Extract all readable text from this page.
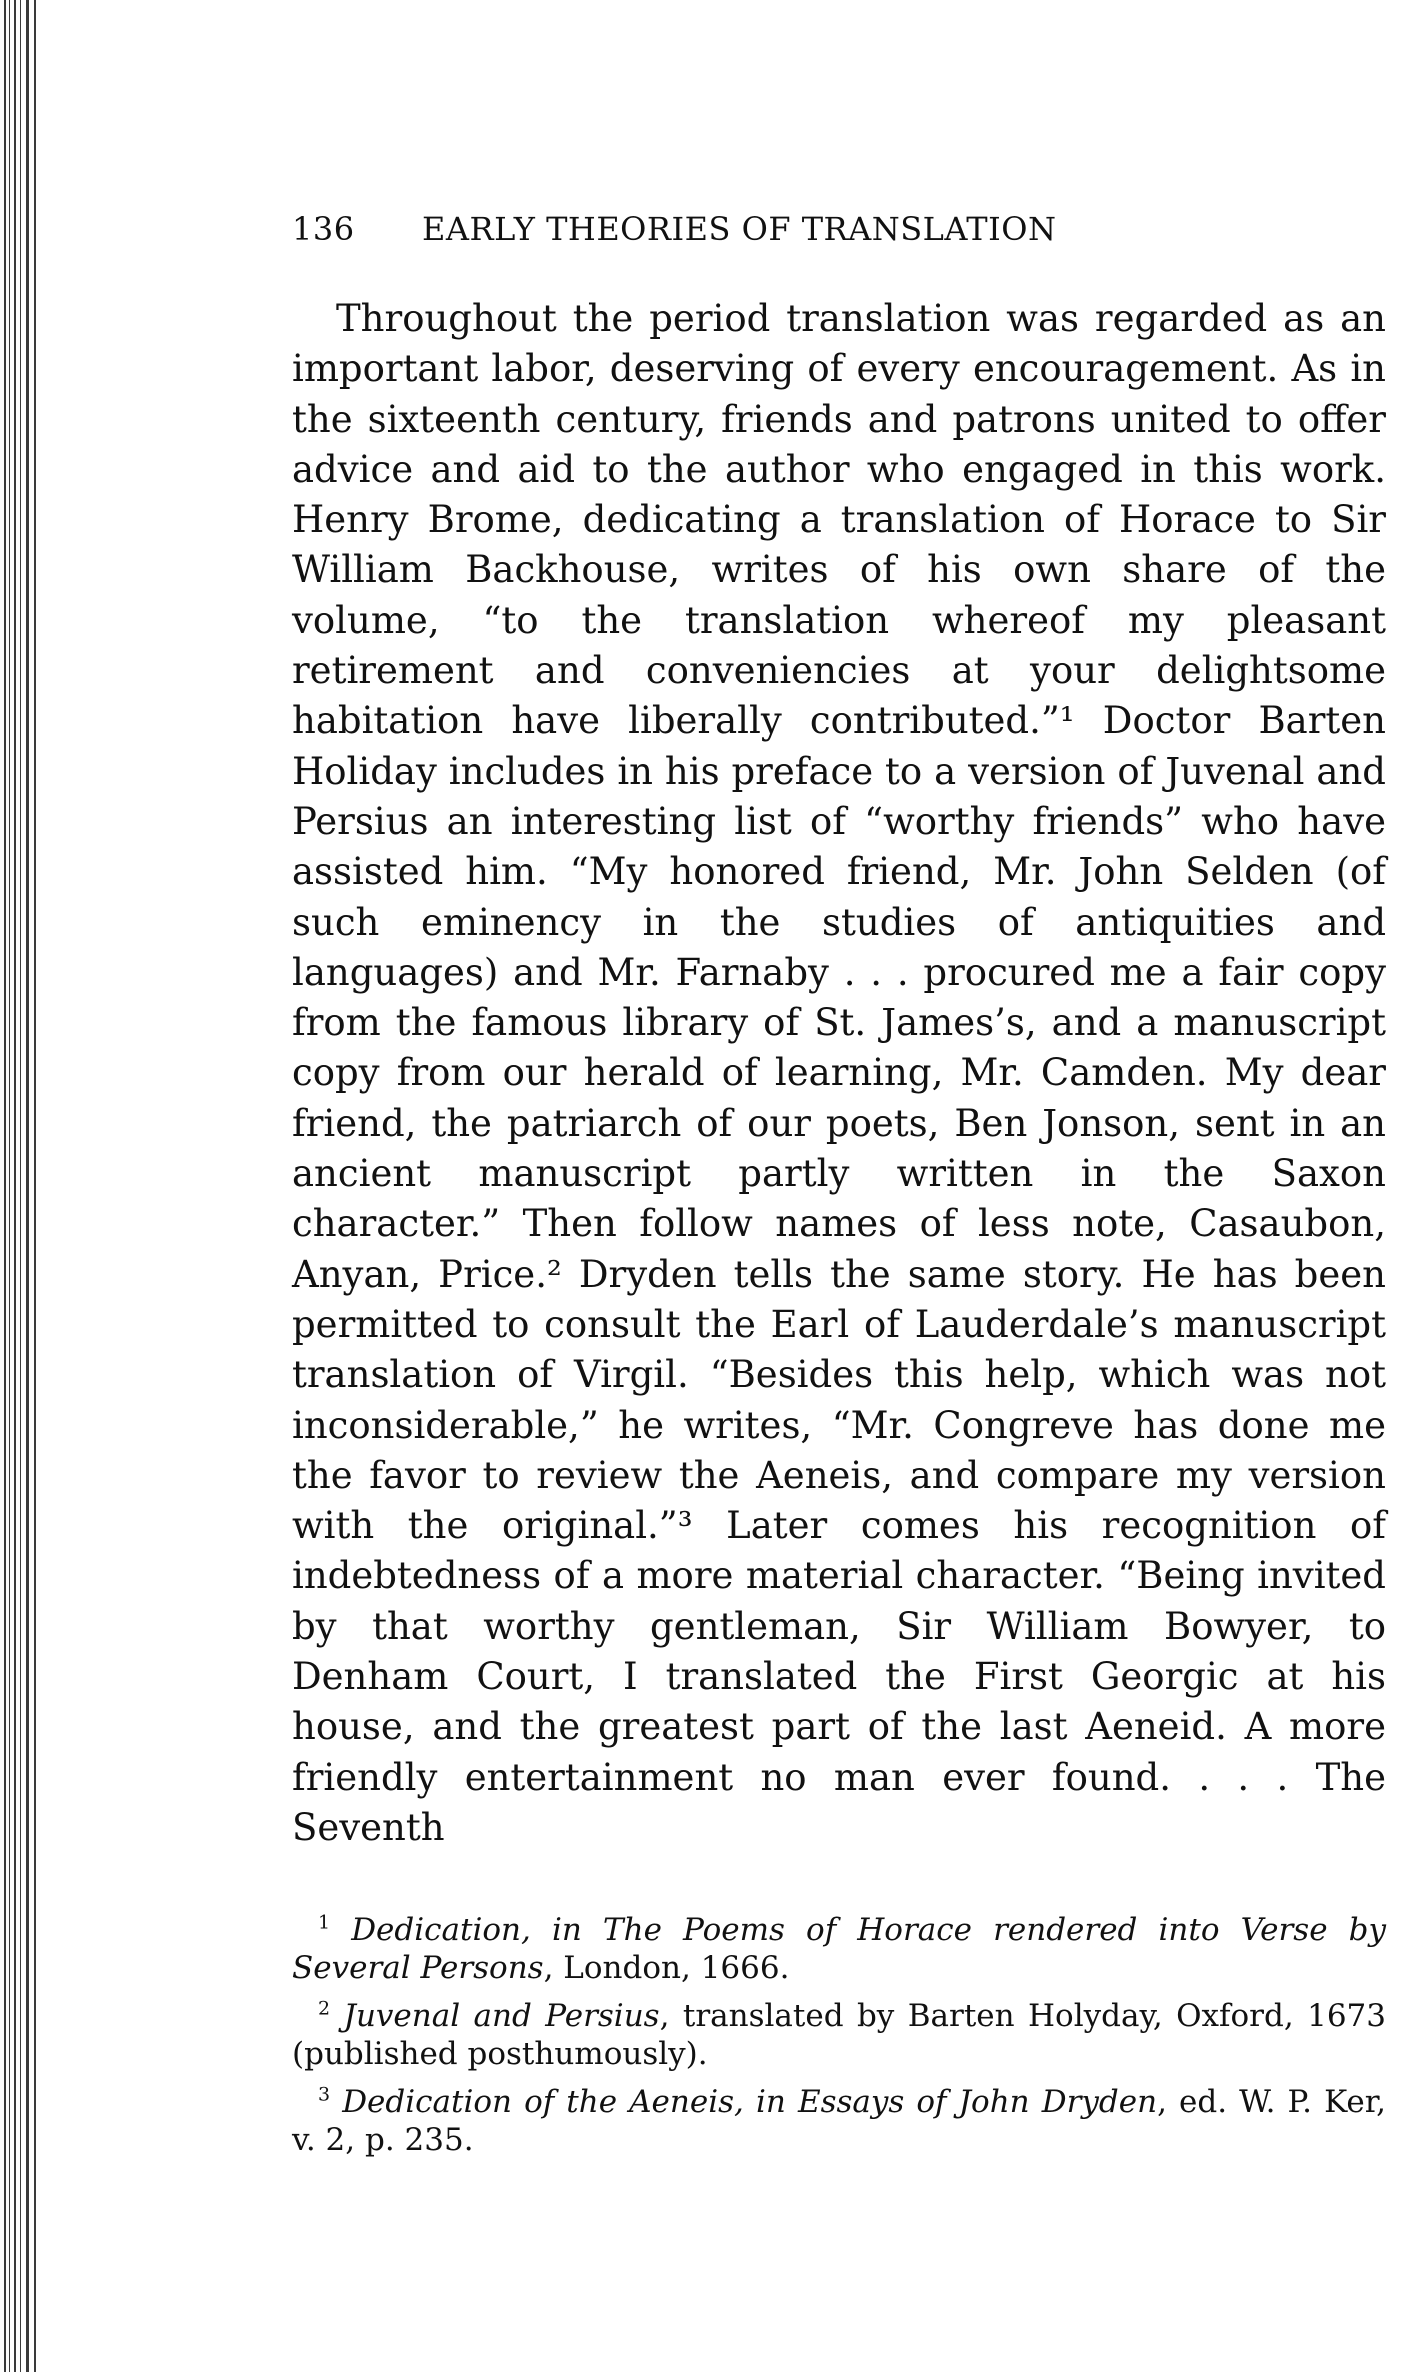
136	EARLY THEORIES OF TRANSLATION

Throughout the period translation was regarded as an important labor, deserving of every encouragement. As in the sixteenth century, friends and patrons united to offer advice and aid to the author who engaged in this work. Henry Brome, dedicating a translation of Horace to Sir William Backhouse, writes of his own share of the volume, “to the translation whereof my pleasant retirement and conveniencies at your delightsome habitation have liberally contributed.”¹ Doctor Barten Holiday includes in his preface to a version of Juvenal and Persius an interesting list of “worthy friends” who have assisted him. “My honored friend, Mr. John Selden (of such eminency in the studies of antiquities and languages) and Mr. Farnaby . . . procured me a fair copy from the famous library of St. James’s, and a manuscript copy from our herald of learning, Mr. Camden. My dear friend, the patriarch of our poets, Ben Jonson, sent in an ancient manuscript partly written in the Saxon character.” Then follow names of less note, Casaubon, Anyan, Price.² Dryden tells the same story. He has been permitted to consult the Earl of Lauderdale’s manuscript translation of Virgil. “Besides this help, which was not inconsiderable,” he writes, “Mr. Congreve has done me the favor to review the Aeneis, and compare my version with the original.”³ Later comes his recognition of indebtedness of a more material character. “Being invited by that worthy gentleman, Sir William Bowyer, to Denham Court, I translated the First Georgic at his house, and the greatest part of the last Aeneid. A more friendly entertainment no man ever found. . . . The Seventh

$^1$ Dedication, in The Poems of Horace rendered into Verse by Several Persons, London, 1666.

$^2$ Juvenal and Persius, translated by Barten Holyday, Oxford, 1673 (published posthumously).

$^3$ Dedication of the Aeneis, in Essays of John Dryden, ed. W. P. Ker, v. 2, p. 235.
